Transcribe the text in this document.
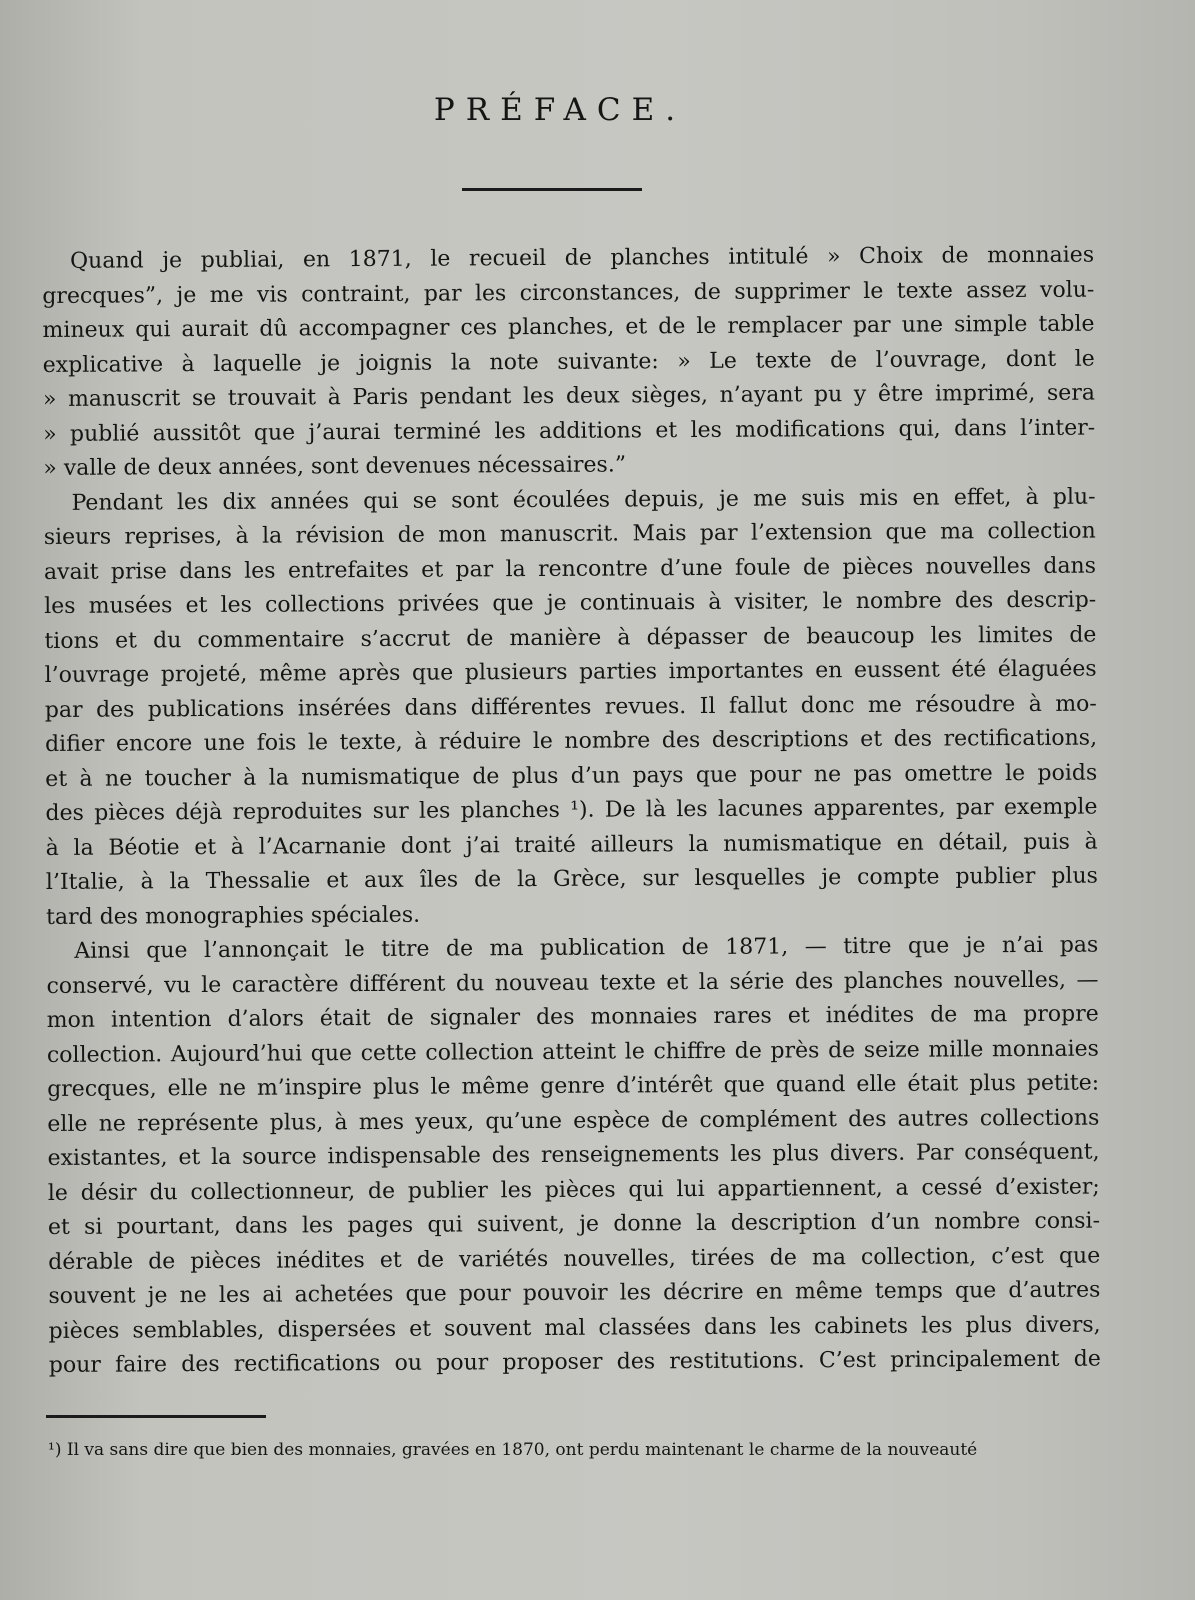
PRÉFACE.

Quand je publiai, en 1871, le recueil de planches intitulé » Choix de monnaies
grecques”, je me vis contraint, par les circonstances, de supprimer le texte assez volu-
mineux qui aurait dû accompagner ces planches, et de le remplacer par une simple table
explicative à laquelle je joignis la note suivante: » Le texte de l’ouvrage, dont le
» manuscrit se trouvait à Paris pendant les deux sièges, n’ayant pu y être imprimé, sera
» publié aussitôt que j’aurai terminé les additions et les modifications qui, dans l’inter-
» valle de deux années, sont devenues nécessaires.”

Pendant les dix années qui se sont écoulées depuis, je me suis mis en effet, à plu-
sieurs reprises, à la révision de mon manuscrit. Mais par l’extension que ma collection
avait prise dans les entrefaites et par la rencontre d’une foule de pièces nouvelles dans
les musées et les collections privées que je continuais à visiter, le nombre des descrip-
tions et du commentaire s’accrut de manière à dépasser de beaucoup les limites de
l’ouvrage projeté, même après que plusieurs parties importantes en eussent été élaguées
par des publications insérées dans différentes revues. Il fallut donc me résoudre à mo-
difier encore une fois le texte, à réduire le nombre des descriptions et des rectifications,
et à ne toucher à la numismatique de plus d’un pays que pour ne pas omettre le poids
des pièces déjà reproduites sur les planches ¹). De là les lacunes apparentes, par exemple
à la Béotie et à l’Acarnanie dont j’ai traité ailleurs la numismatique en détail, puis à
l’Italie, à la Thessalie et aux îles de la Grèce, sur lesquelles je compte publier plus
tard des monographies spéciales.

Ainsi que l’annonçait le titre de ma publication de 1871, — titre que je n’ai pas
conservé, vu le caractère différent du nouveau texte et la série des planches nouvelles, —
mon intention d’alors était de signaler des monnaies rares et inédites de ma propre
collection. Aujourd’hui que cette collection atteint le chiffre de près de seize mille monnaies
grecques, elle ne m’inspire plus le même genre d’intérêt que quand elle était plus petite:
elle ne représente plus, à mes yeux, qu’une espèce de complément des autres collections
existantes, et la source indispensable des renseignements les plus divers. Par conséquent,
le désir du collectionneur, de publier les pièces qui lui appartiennent, a cessé d’exister;
et si pourtant, dans les pages qui suivent, je donne la description d’un nombre consi-
dérable de pièces inédites et de variétés nouvelles, tirées de ma collection, c’est que
souvent je ne les ai achetées que pour pouvoir les décrire en même temps que d’autres
pièces semblables, dispersées et souvent mal classées dans les cabinets les plus divers,
pour faire des rectifications ou pour proposer des restitutions. C’est principalement de

¹) Il va sans dire que bien des monnaies, gravées en 1870, ont perdu maintenant le charme de la nouveauté
